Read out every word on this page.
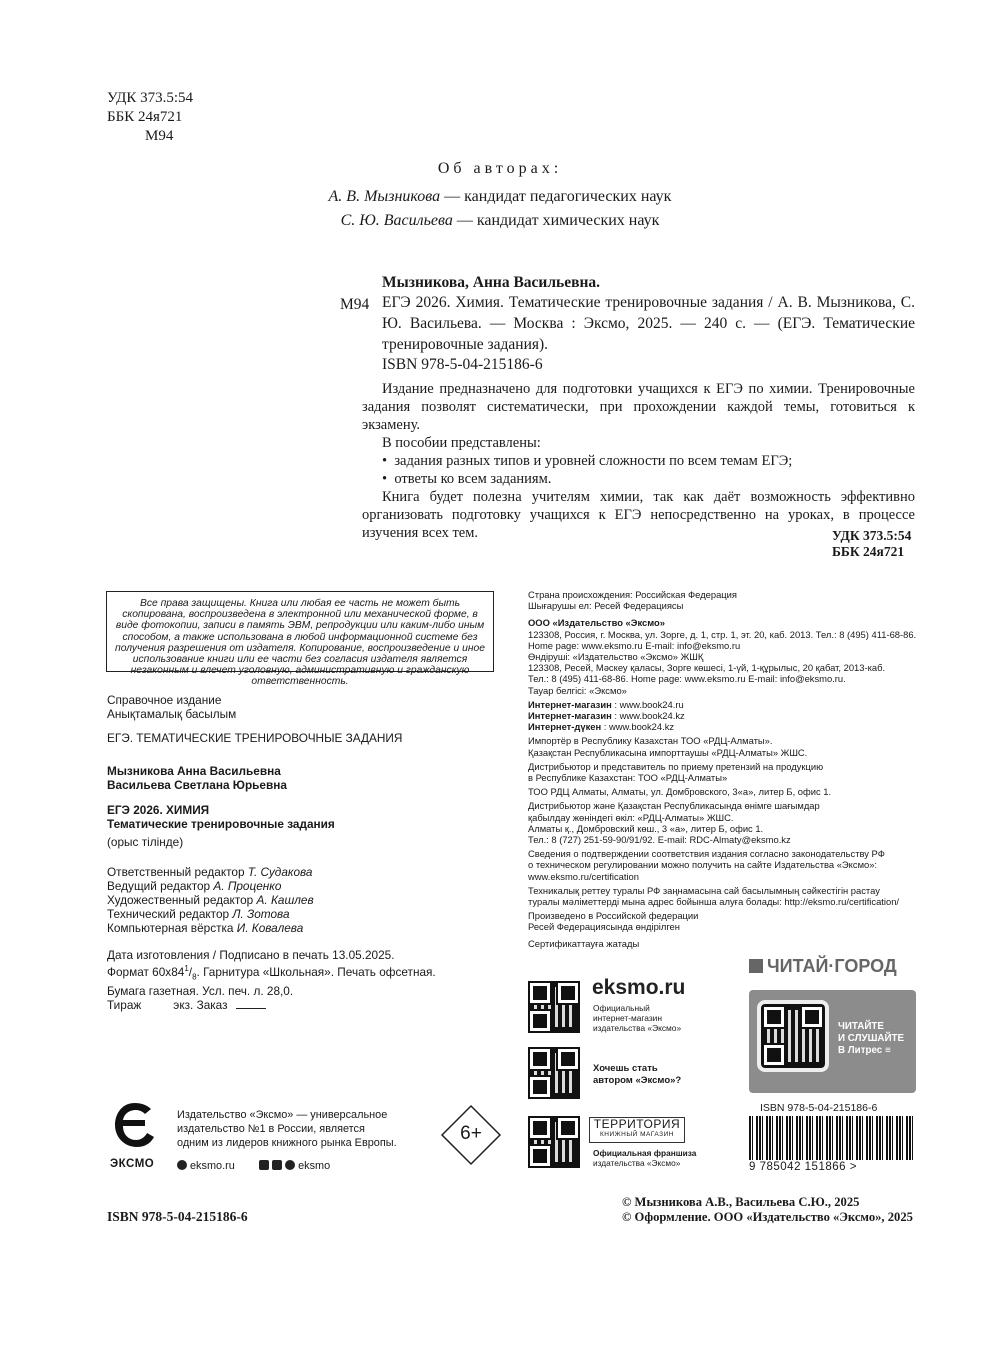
УДК 373.5:54
ББК 24я721
М94
Об авторах:
А. В. Мызникова — кандидат педагогических наук
С. Ю. Васильева — кандидат химических наук
Мызникова, Анна Васильевна.
М94 ЕГЭ 2026. Химия. Тематические тренировочные задания / А. В. Мызникова, С. Ю. Васильева. — Москва : Эксмо, 2025. — 240 с. — (ЕГЭ. Тематические тренировочные задания).
ISBN 978-5-04-215186-6

Издание предназначено для подготовки учащихся к ЕГЭ по химии. Тренировочные задания позволят систематически, при прохождении каждой темы, готовиться к экзамену.

В пособии представлены:

•  задания разных типов и уровней сложности по всем темам ЕГЭ;

•  ответы ко всем заданиям.

Книга будет полезна учителям химии, так как даёт возможность эффективно организовать подготовку учащихся к ЕГЭ непосредственно на уроках, в процессе изучения всех тем.	УДК 373.5:54
ББК 24я721
Все права защищены. Книга или любая ее часть не может быть скопирована, воспроизведена в электронной или механической форме, в виде фотокопии, записи в память ЭВМ, репродукции или каким-либо иным способом, а также использована в любой информационной системе без получения разрешения от издателя. Копирование, воспроизведение и иное использование книги или ее части без согласия издателя является незаконным и влечет уголовную, административную и гражданскую ответственность.
Справочное издание
Анықтамалық басылым
ЕГЭ. ТЕМАТИЧЕСКИЕ ТРЕНИРОВОЧНЫЕ ЗАДАНИЯ
Мызникова Анна Васильевна
Васильева Светлана Юрьевна
ЕГЭ 2026. ХИМИЯ
Тематические тренировочные задания
(орыс тілінде)
Ответственный редактор Т. Судакова
Ведущий редактор А. Проценко
Художественный редактор А. Кашлев
Технический редактор Л. Зотова
Компьютерная вёрстка И. Ковалева
Дата изготовления / Подписано в печать 13.05.2025.
Формат $60x84^1/_8$. Гарнитура «Школьная». Печать офсетная.
Бумага газетная. Усл. печ. л. 28,0.
Тираж	экз. Заказ
Страна происхождения: Российская Федерация
Шығарушы ел: Ресей Федерациясы
ООО «Издательство «Эксмо»
123308, Россия, г. Москва, ул. Зорге, д. 1, стр. 1, эт. 20, каб. 2013. Тел.: 8 (495) 411-68-86.
Home page: www.eksmo.ru E-mail: info@eksmo.ru
Өндіруші: «Издательство «Эксмо» ЖШҚ
123308, Ресей, Мәскеу қаласы, Зорге көшесі, 1-үй, 1-құрылыс, 20 қабат, 2013-каб.
Тел.: 8 (495) 411-68-86. Home page: www.eksmo.ru E-mail: info@eksmo.ru.
Тауар белгісі: «Эксмо»
Интернет-магазин : www.book24.ru
Интернет-магазин : www.book24.kz
Интернет-дүкен : www.book24.kz
Импортёр в Республику Казахстан ТОО «РДЦ-Алматы».
Қазақстан Республикасына импорттаушы «РДЦ-Алматы» ЖШС.
Дистрибьютор и представитель по приему претензий на продукцию
в Республике Казахстан: ТОО «РДЦ-Алматы»
ТОО РДЦ Алматы, Алматы, ул. Домбровского, 3«а», литер Б, офис 1.
Дистрибьютор және Қазақстан Республикасында өнімге шағымдар
қабылдау жөніндегі өкіл: «РДЦ-Алматы» ЖШС.
Алматы қ., Домбровский көш., 3 «а», литер Б, офис 1.
Тел.: 8 (727) 251-59-90/91/92. E-mail: RDC-Almaty@eksmo.kz
Сведения о подтверждении соответствия издания согласно законодательству РФ
о техническом регулировании можно получить на сайте Издательства «Эксмо»:
www.eksmo.ru/certification
Техникалық реттеу туралы РФ заңнамасына сай басылымның сәйкестігін растау
туралы мәліметтерді мына адрес бойынша алуға болады: http://eksmo.ru/certification/
Произведено в Российской федерации
Ресей Федерациясында өндірілген
Сертификаттауға жатады
eksmo.ru
Официальный
интернет-магазин
издательства «Эксмо»
Хочешь стать
автором «Эксмо»?
ТЕРРИТОРИЯ
КНИЖНЫЙ МАГАЗИН
Официальная франшиза
издательства «Эксмо»
ЧИТАЙ·ГОРОД
ЧИТАЙТЕ
И СЛУШАЙТЕ
В Литрес ≡
ЭКСМО
Издательство «Эксмо» — универсальное
издательство №1 в России, является
одним из лидеров книжного рынка Европы.
eksmo.ru	eksmo
6+
ISBN 978-5-04-215186-6
9 785042 151866 >
ISBN 978-5-04-215186-6
© Мызникова А.В., Васильева С.Ю., 2025
© Оформление. ООО «Издательство «Эксмо», 2025
